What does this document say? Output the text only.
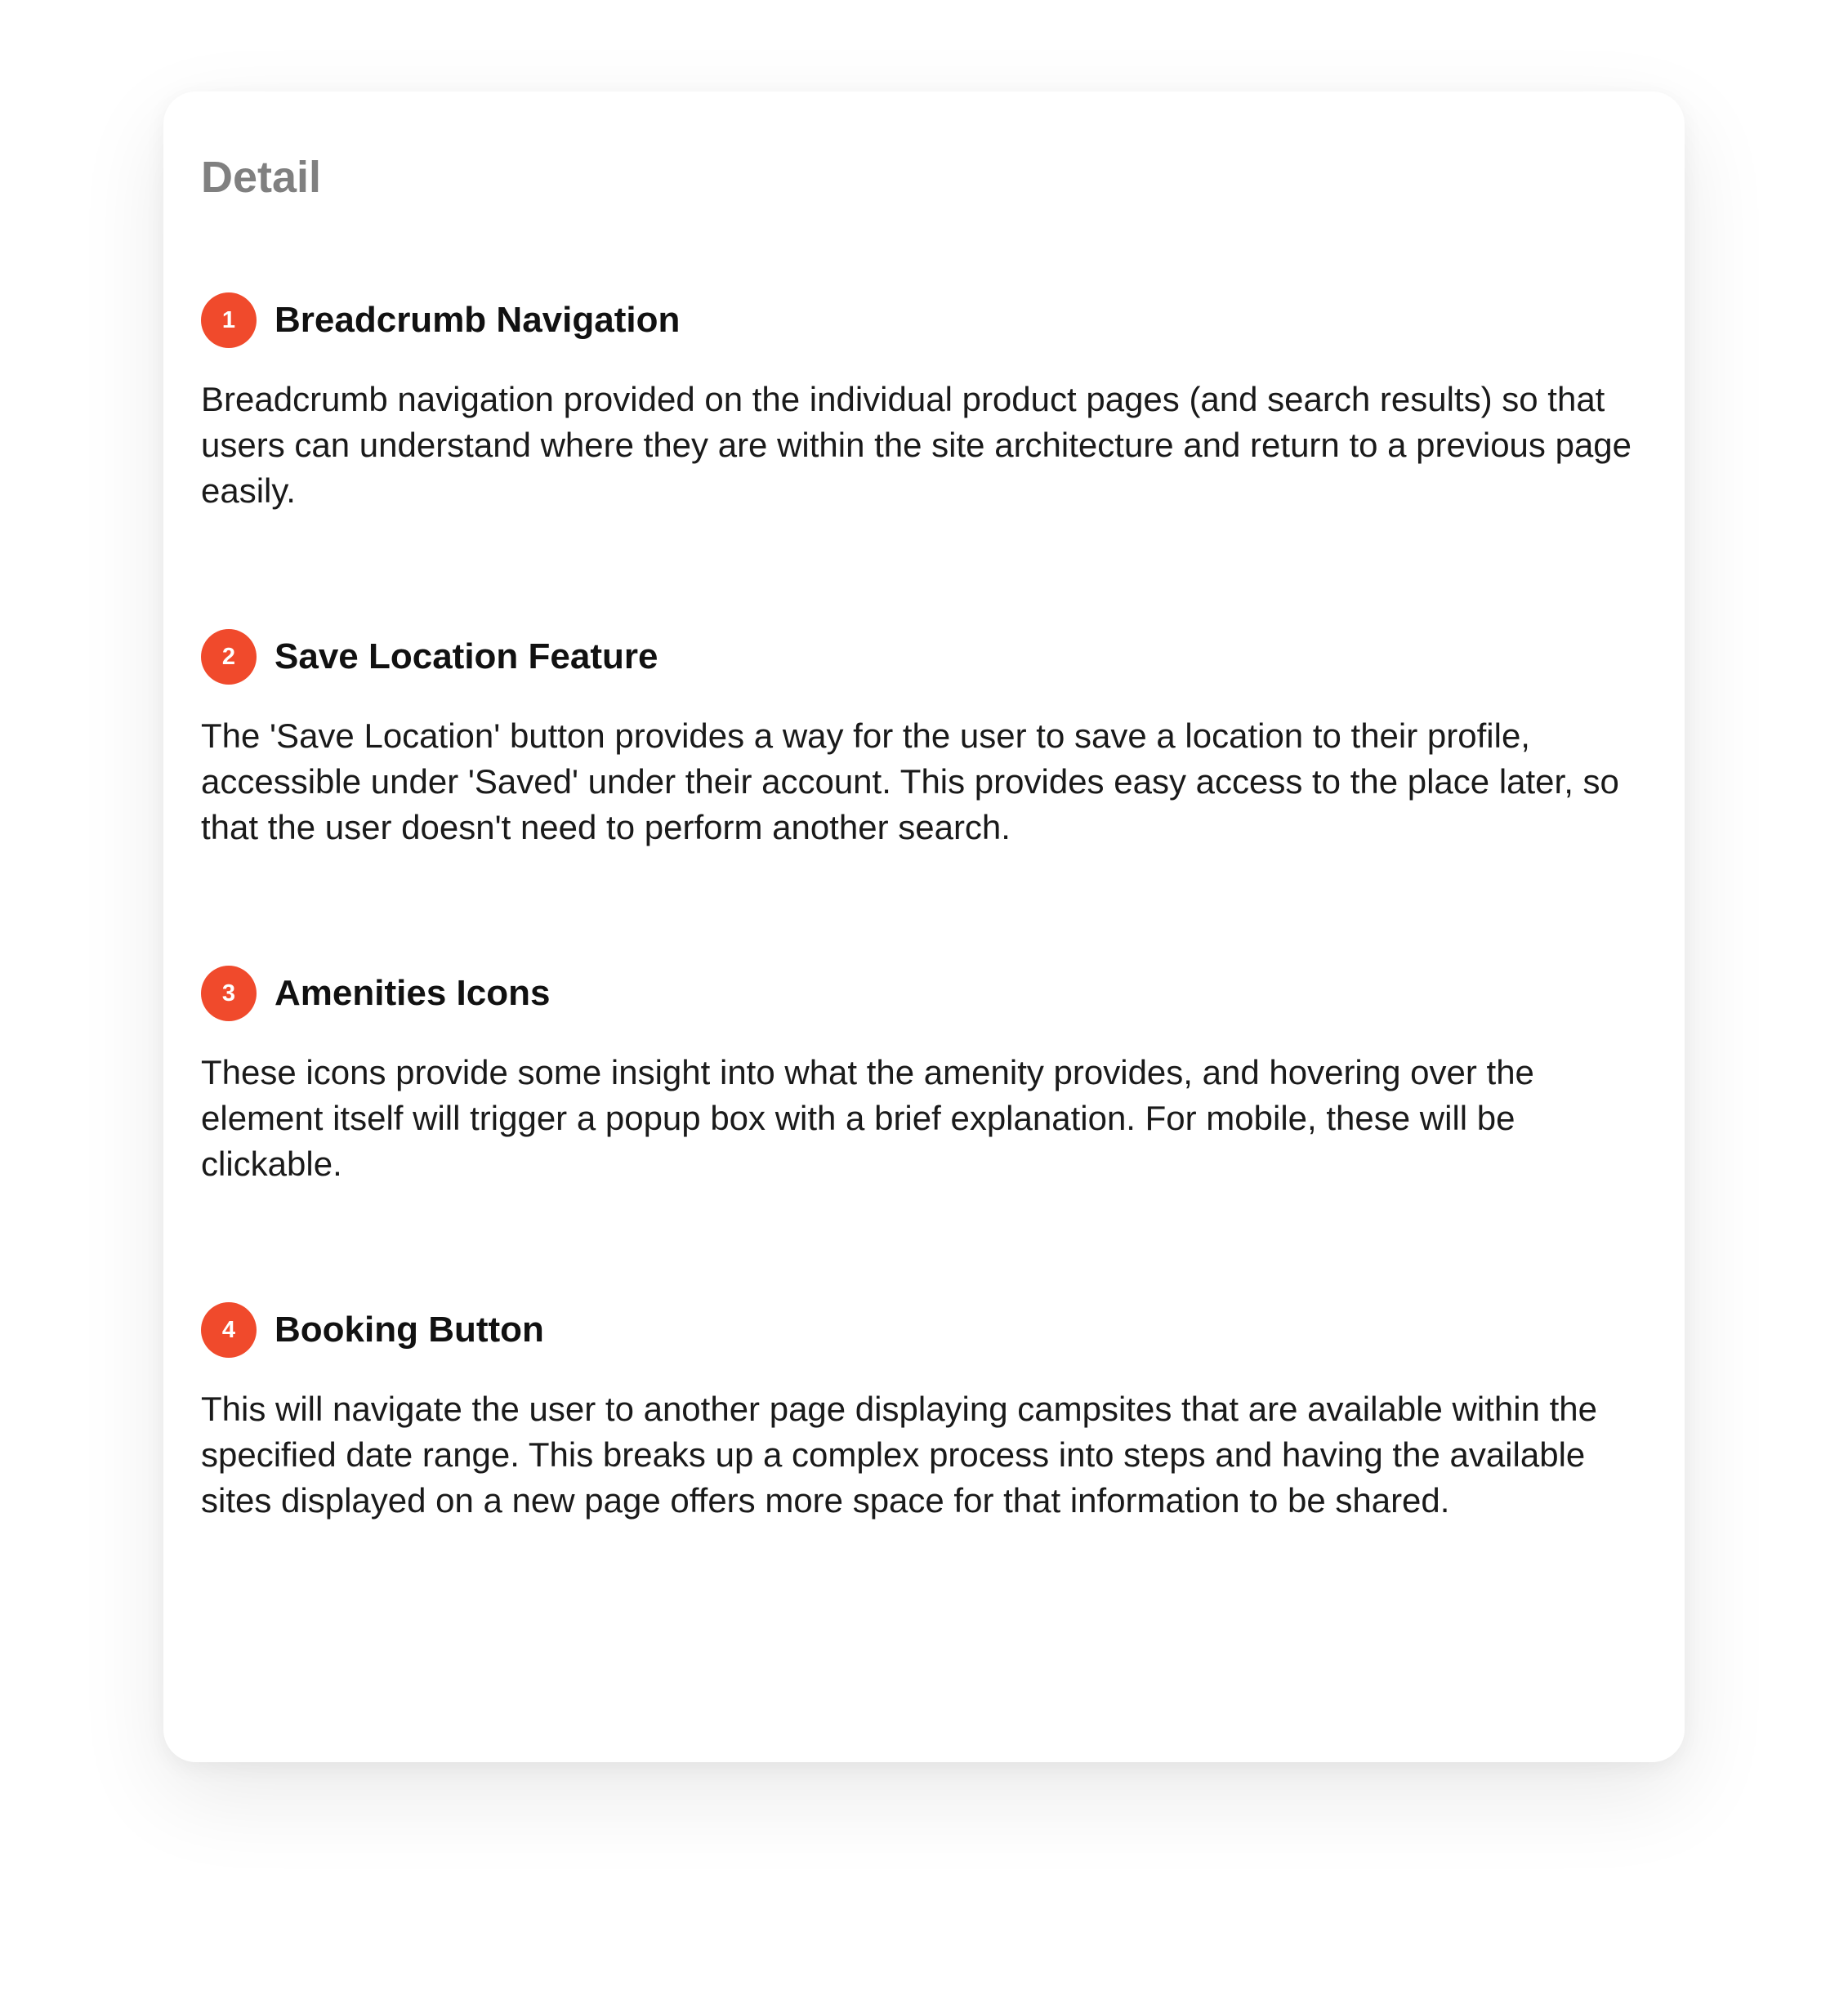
Detail
1	Breadcrumb Navigation
Breadcrumb navigation provided on the individual product pages (and search results) so that users can understand where they are within the site architecture and return to a previous page easily.
2	Save Location Feature
The 'Save Location' button provides a way for the user to save a location to their profile, accessible under 'Saved' under their account. This provides easy access to the place later, so that the user doesn't need to perform another search.
3	Amenities Icons
These icons provide some insight into what the amenity provides, and hovering over the element itself will trigger a popup box with a brief explanation. For mobile, these will be clickable.
4	Booking Button
This will navigate the user to another page displaying campsites that are available within the specified date range. This breaks up a complex process into steps and having the available sites displayed on a new page offers more space for that information to be shared.
